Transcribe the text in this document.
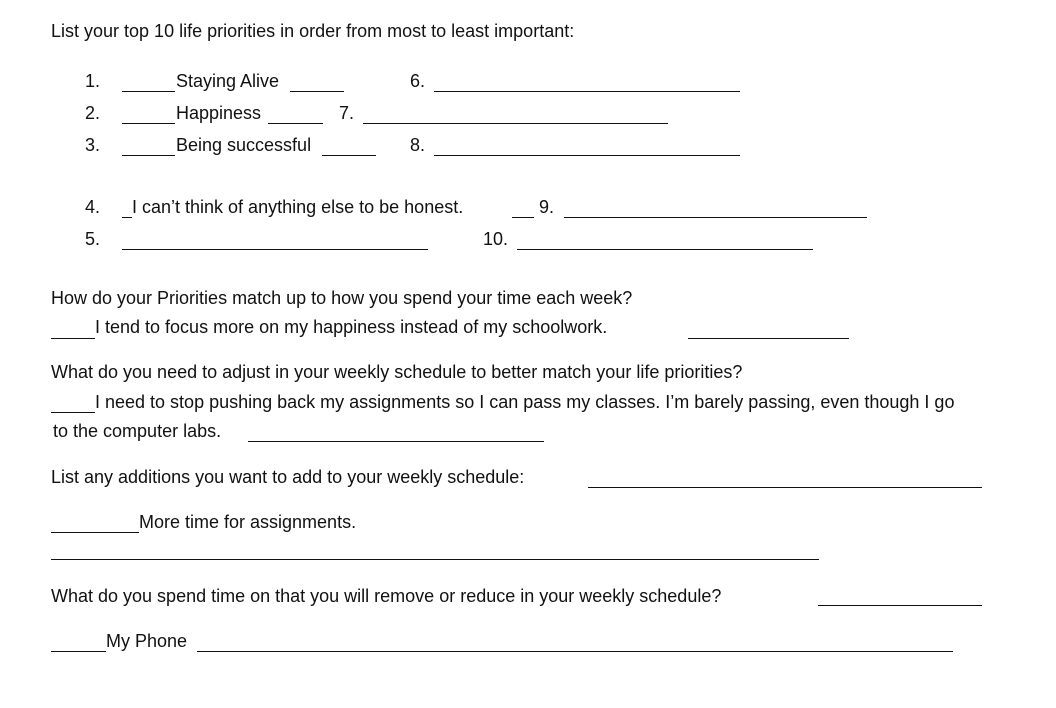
List your top 10 life priorities in order from most to least important:
1.	Staying Alive	6.
2.	Happiness	7.
3.	Being successful	8.
4. I can’t think of anything else to be honest.	9.
5.	10.
How do your Priorities match up to how you spend your time each week?
I tend to focus more on my happiness instead of my schoolwork.
What do you need to adjust in your weekly schedule to better match your life priorities?
I need to stop pushing back my assignments so I can pass my classes. I’m barely passing, even though I go
to the computer labs.
List any additions you want to add to your weekly schedule:
More time for assignments.
What do you spend time on that you will remove or reduce in your weekly schedule?
My Phone
